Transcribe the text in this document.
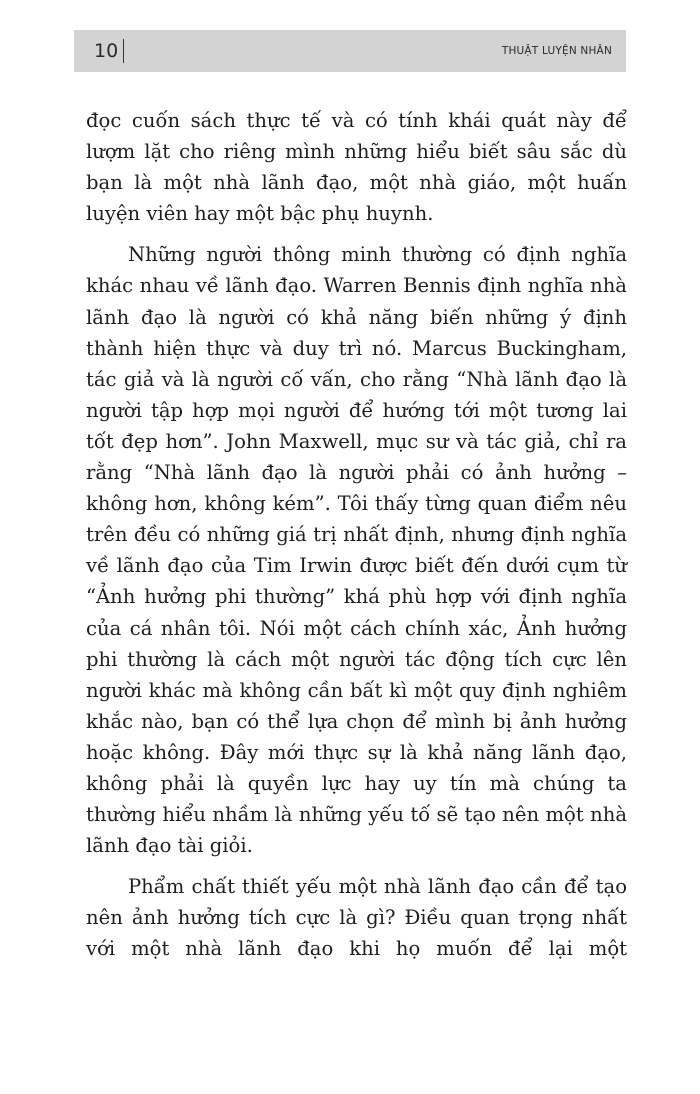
10	THUẬT LUYỆN NHÂN

đọc cuốn sách thực tế và có tính khái quát này để lượm lặt cho riêng mình những hiểu biết sâu sắc dù bạn là một nhà lãnh đạo, một nhà giáo, một huấn luyện viên hay một bậc phụ huynh.

Những người thông minh thường có định nghĩa khác nhau về lãnh đạo. Warren Bennis định nghĩa nhà lãnh đạo là người có khả năng biến những ý định thành hiện thực và duy trì nó. Marcus Buckingham, tác giả và là người cố vấn, cho rằng “Nhà lãnh đạo là người tập hợp mọi người để hướng tới một tương lai tốt đẹp hơn”. John Maxwell, mục sư và tác giả, chỉ ra rằng “Nhà lãnh đạo là người phải có ảnh hưởng – không hơn, không kém”. Tôi thấy từng quan điểm nêu trên đều có những giá trị nhất định, nhưng định nghĩa về lãnh đạo của Tim Irwin được biết đến dưới cụm từ “Ảnh hưởng phi thường” khá phù hợp với định nghĩa của cá nhân tôi. Nói một cách chính xác, Ảnh hưởng phi thường là cách một người tác động tích cực lên người khác mà không cần bất kì một quy định nghiêm khắc nào, bạn có thể lựa chọn để mình bị ảnh hưởng hoặc không. Đây mới thực sự là khả năng lãnh đạo, không phải là quyền lực hay uy tín mà chúng ta thường hiểu nhầm là những yếu tố sẽ tạo nên một nhà lãnh đạo tài giỏi.

Phẩm chất thiết yếu một nhà lãnh đạo cần để tạo nên ảnh hưởng tích cực là gì? Điều quan trọng nhất với một nhà lãnh đạo khi họ muốn để lại một
